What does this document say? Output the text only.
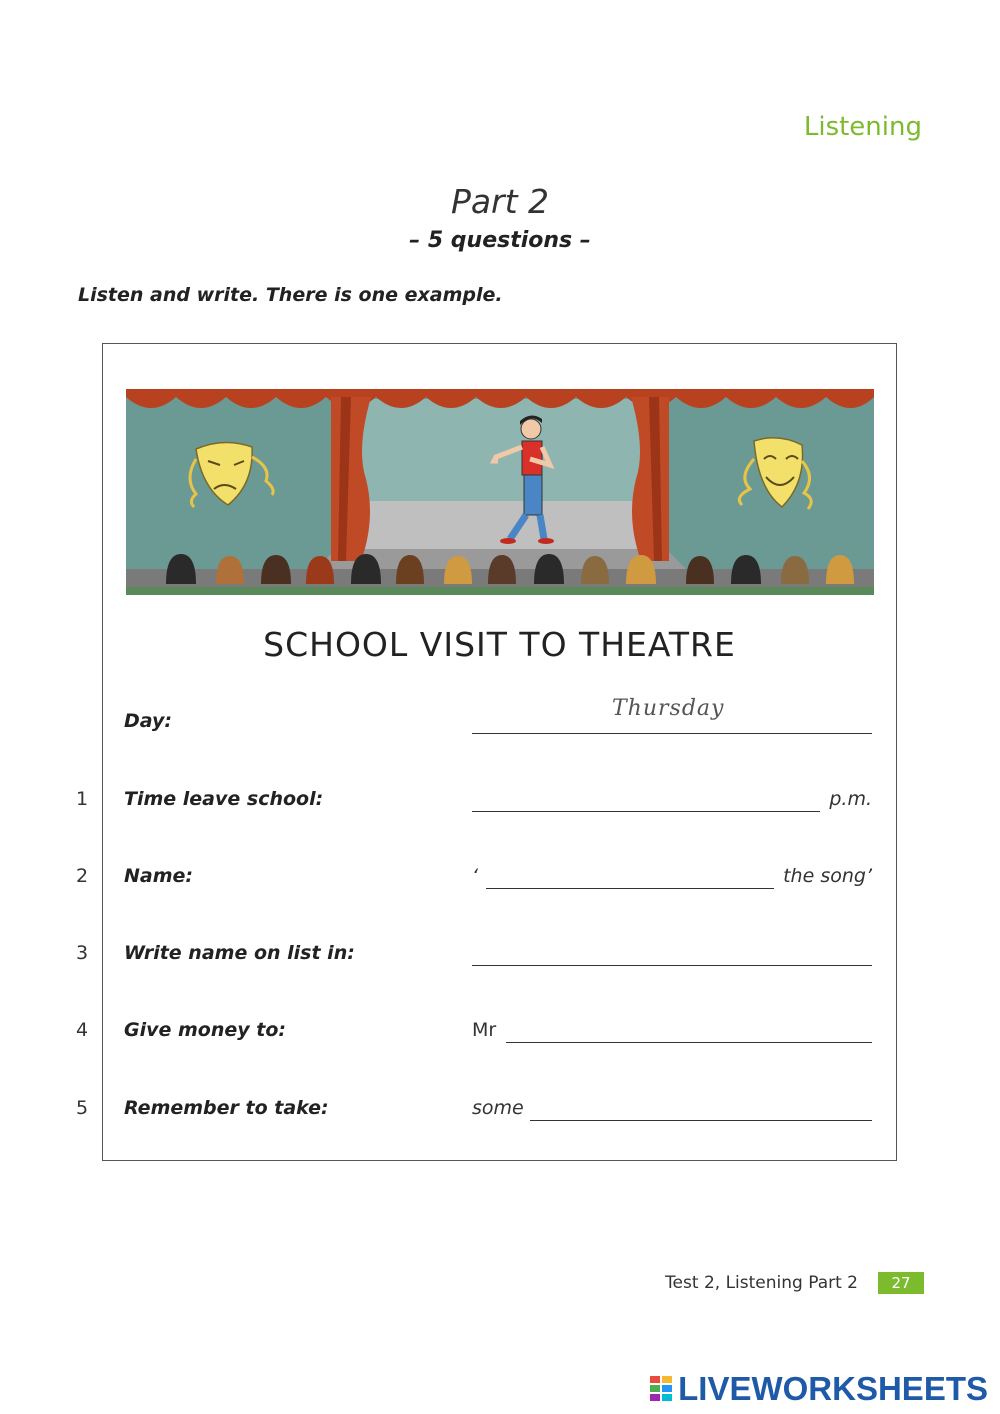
Listening
Part 2
– 5 questions –
Listen and write. There is one example.
SCHOOL VISIT TO THEATRE
Day:	Thursday
1 Time leave school:	p.m.
2 Name:	‘	the song’
3 Write name on list in:
4 Give money to:	Mr
5 Remember to take:	some
Test 2, Listening Part 2	27
LIVEWORKSHEETS
